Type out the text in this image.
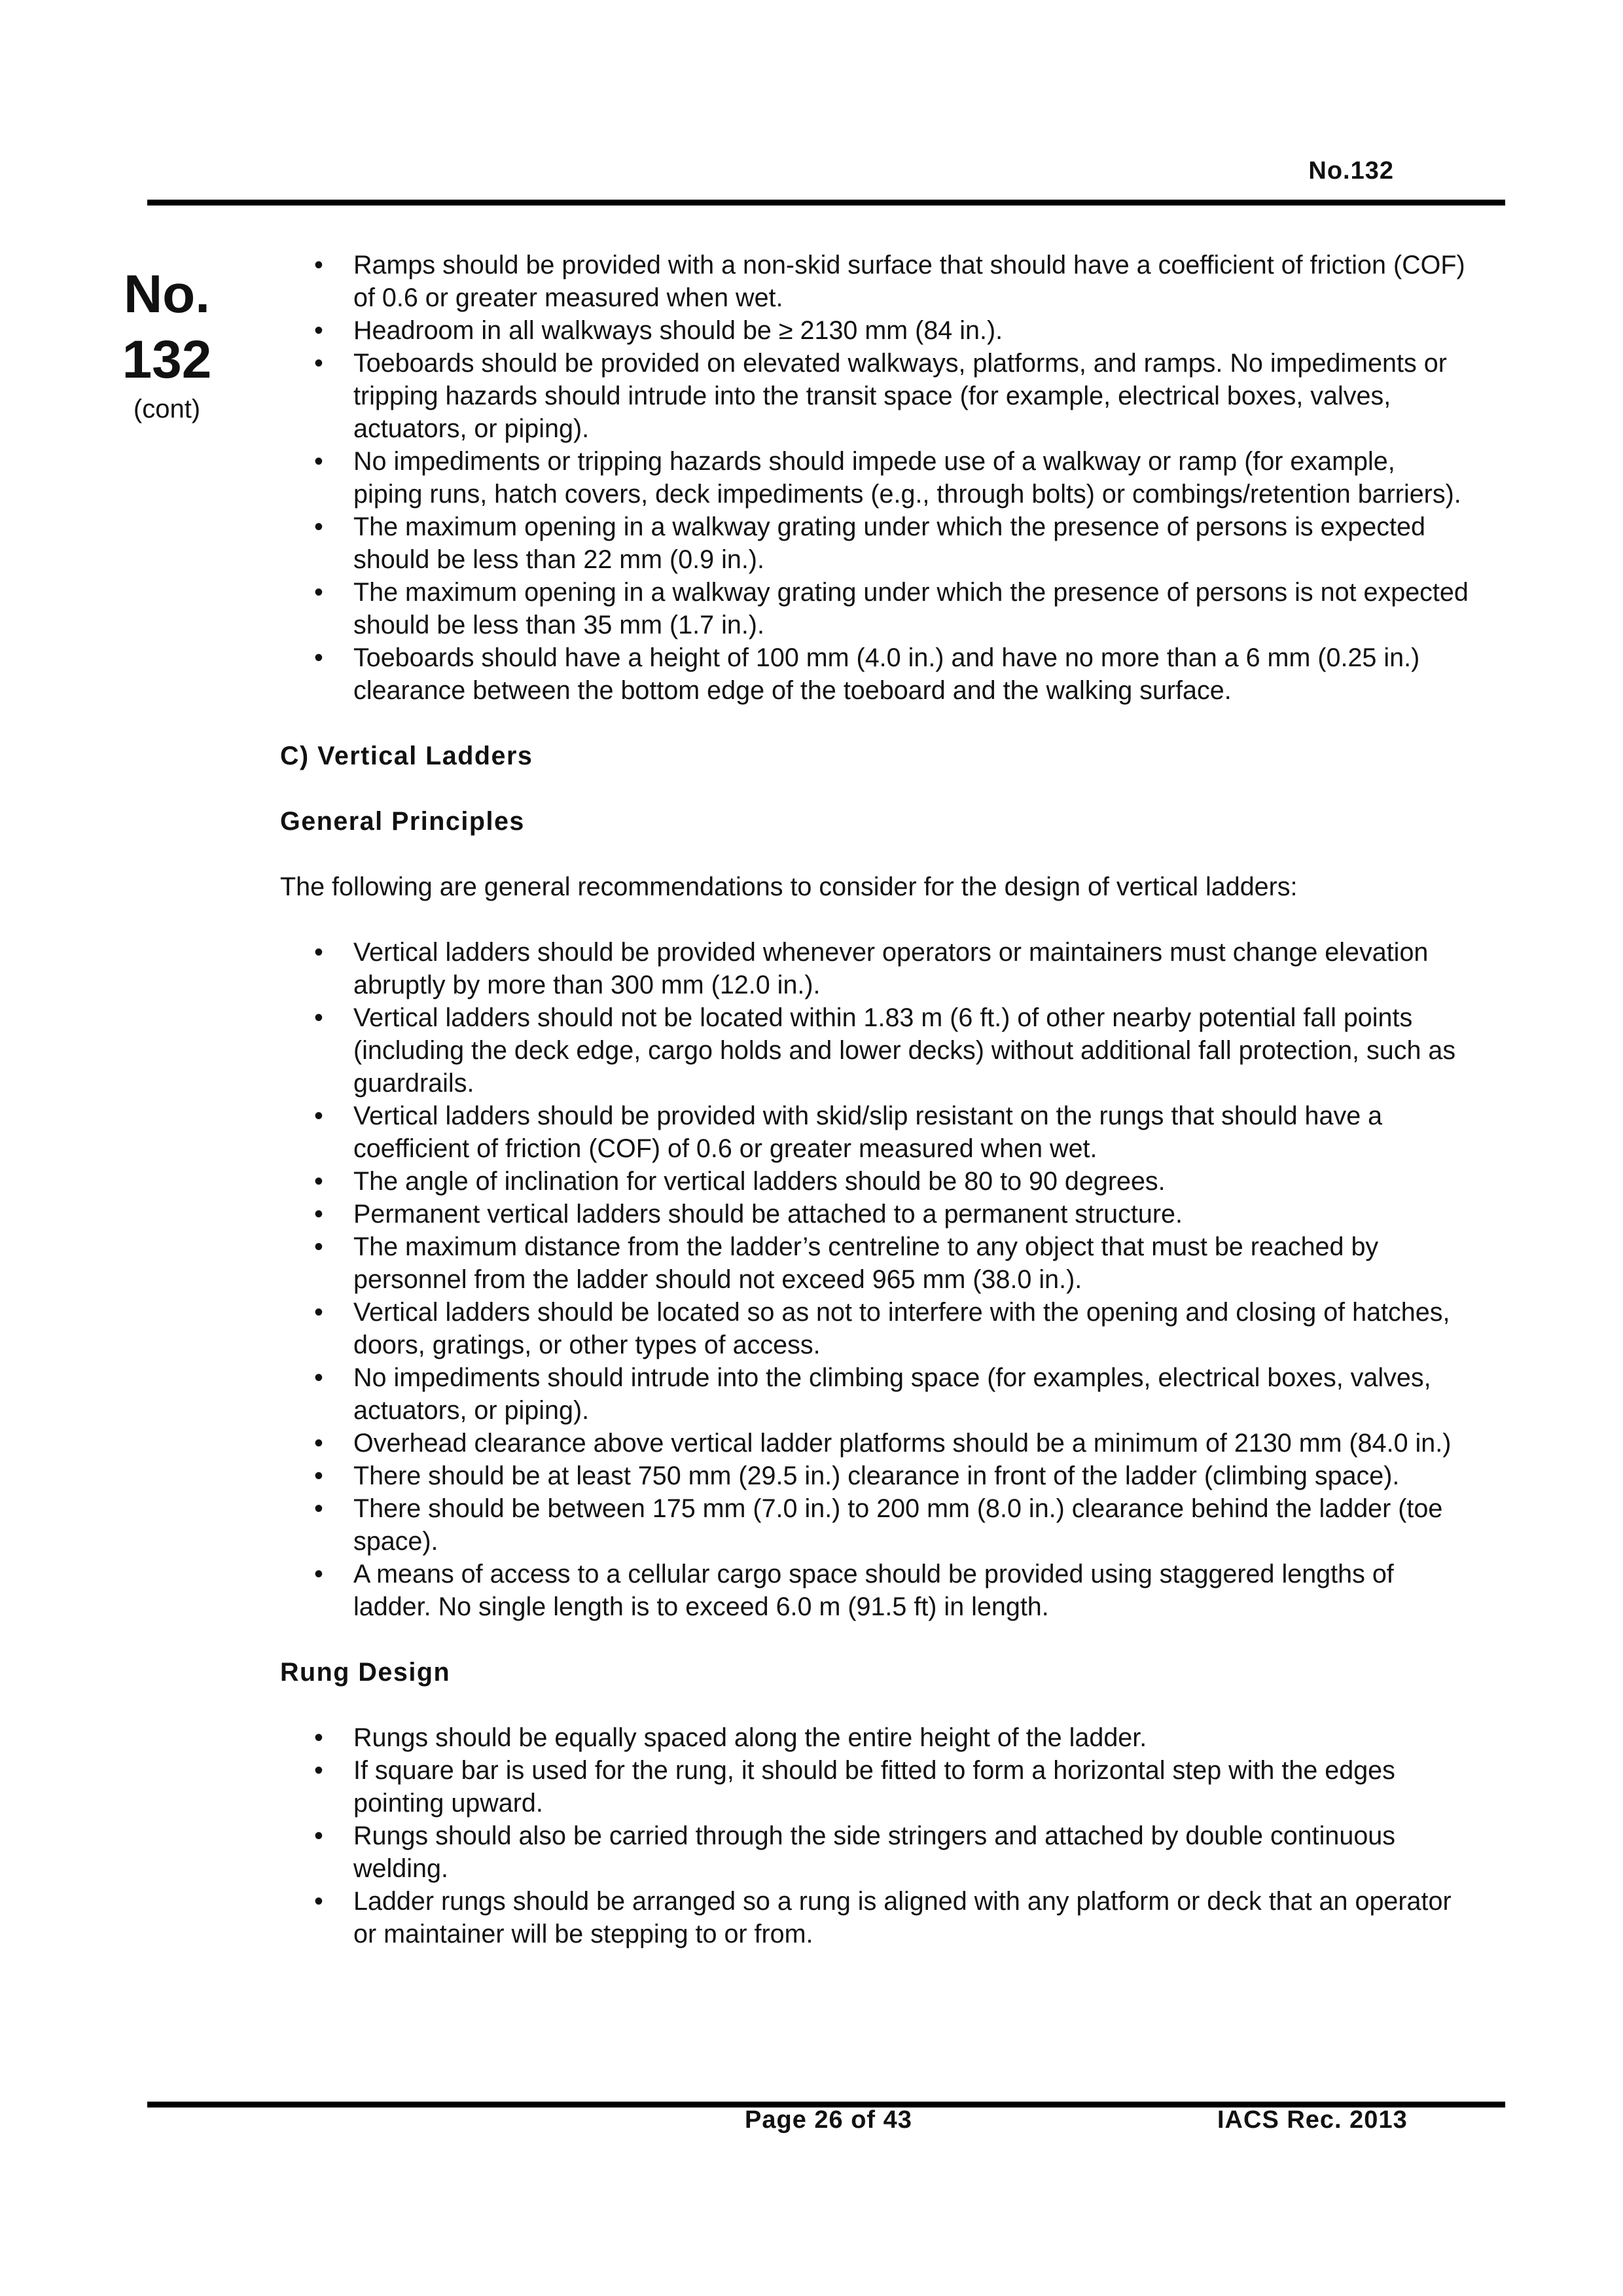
No.132
No.
132
(cont)
• Ramps should be provided with a non-skid surface that should have a coefficient of friction (COF) of 0.6 or greater measured when wet.
• Headroom in all walkways should be ≥ 2130 mm (84 in.).
• Toeboards should be provided on elevated walkways, platforms, and ramps. No impediments or tripping hazards should intrude into the transit space (for example, electrical boxes, valves, actuators, or piping).
• No impediments or tripping hazards should impede use of a walkway or ramp (for example, piping runs, hatch covers, deck impediments (e.g., through bolts) or combings/retention barriers).
• The maximum opening in a walkway grating under which the presence of persons is expected should be less than 22 mm (0.9 in.).
• The maximum opening in a walkway grating under which the presence of persons is not expected should be less than 35 mm (1.7 in.).
• Toeboards should have a height of 100 mm (4.0 in.) and have no more than a 6 mm (0.25 in.) clearance between the bottom edge of the toeboard and the walking surface.

C) Vertical Ladders

General Principles

The following are general recommendations to consider for the design of vertical ladders:

• Vertical ladders should be provided whenever operators or maintainers must change elevation abruptly by more than 300 mm (12.0 in.).
• Vertical ladders should not be located within 1.83 m (6 ft.) of other nearby potential fall points (including the deck edge, cargo holds and lower decks) without additional fall protection, such as guardrails.
• Vertical ladders should be provided with skid/slip resistant on the rungs that should have a coefficient of friction (COF) of 0.6 or greater measured when wet.
• The angle of inclination for vertical ladders should be 80 to 90 degrees.
• Permanent vertical ladders should be attached to a permanent structure.
• The maximum distance from the ladder’s centreline to any object that must be reached by personnel from the ladder should not exceed 965 mm (38.0 in.).
• Vertical ladders should be located so as not to interfere with the opening and closing of hatches, doors, gratings, or other types of access.
• No impediments should intrude into the climbing space (for examples, electrical boxes, valves, actuators, or piping).
• Overhead clearance above vertical ladder platforms should be a minimum of 2130 mm (84.0 in.)
• There should be at least 750 mm (29.5 in.) clearance in front of the ladder (climbing space).
• There should be between 175 mm (7.0 in.) to 200 mm (8.0 in.) clearance behind the ladder (toe space).
• A means of access to a cellular cargo space should be provided using staggered lengths of ladder. No single length is to exceed 6.0 m (91.5 ft) in length.

Rung Design

• Rungs should be equally spaced along the entire height of the ladder.
• If square bar is used for the rung, it should be fitted to form a horizontal step with the edges pointing upward.
• Rungs should also be carried through the side stringers and attached by double continuous welding.
• Ladder rungs should be arranged so a rung is aligned with any platform or deck that an operator or maintainer will be stepping to or from.
Page 26 of 43	IACS Rec. 2013
